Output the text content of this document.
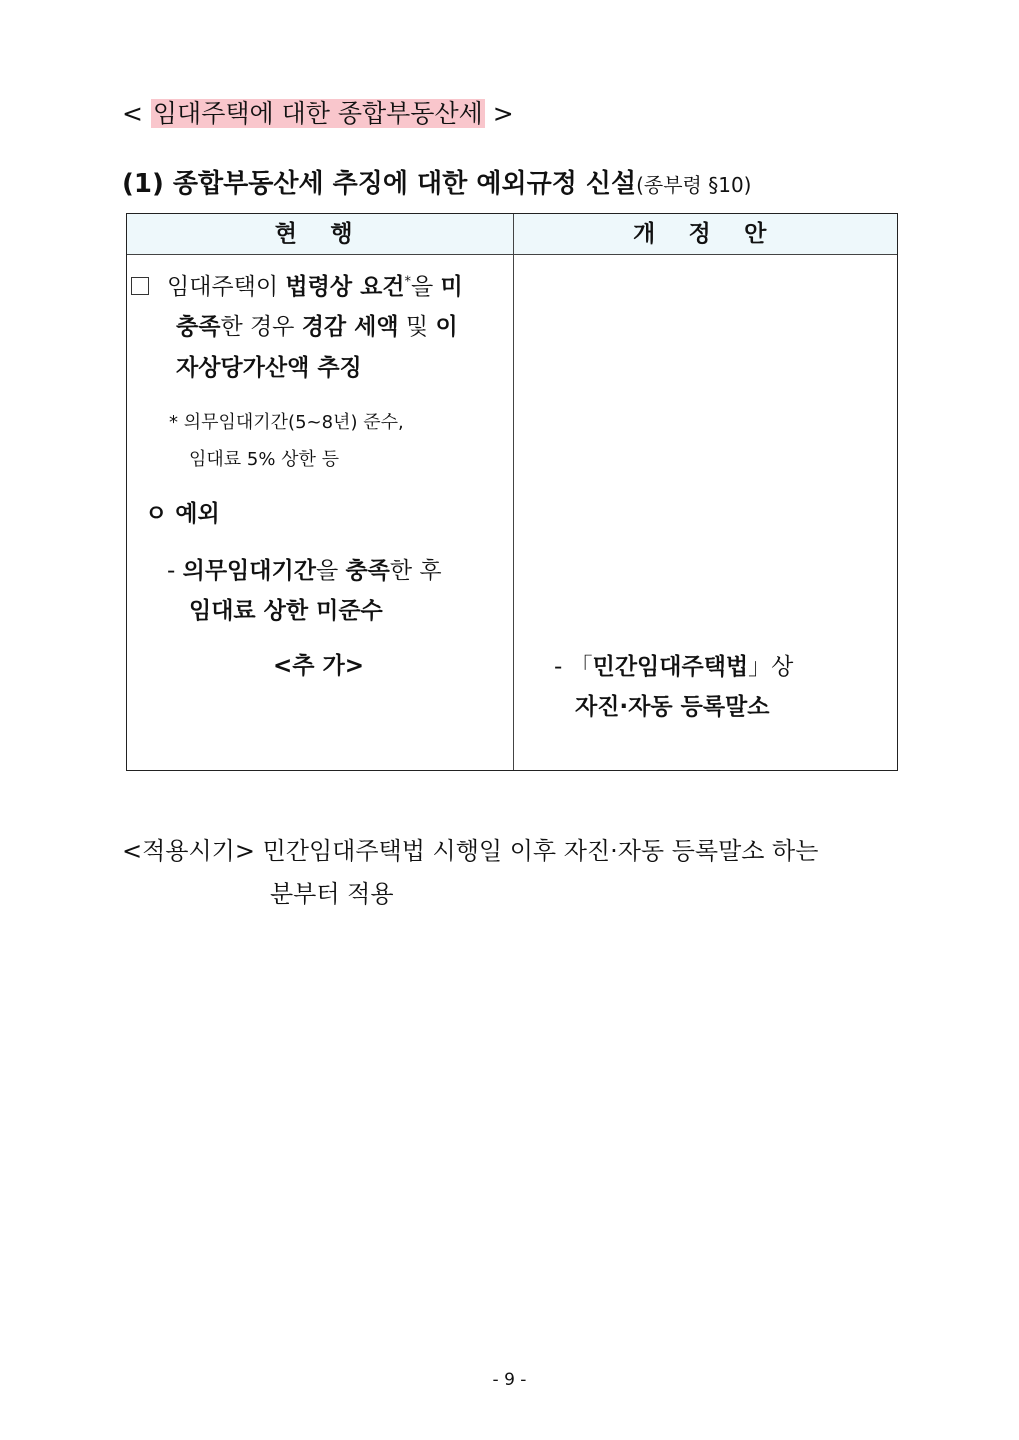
< 임대주택에 대한 종합부동산세 >
(1) 종합부동산세 추징에 대한 예외규정 신설(종부령 §10)
현 행	개 정 안
임대주택이 법령상 요건*을 미
충족한 경우 경감 세액 및 이
자상당가산액 추징
* 의무임대기간(5~8년) 준수,
임대료 5% 상한 등
ㅇ 예외
- 의무임대기간을 충족한 후
임대료 상한 미준수
<추 가>	- 「민간임대주택법」상
자진·자동 등록말소
<적용시기> 민간임대주택법 시행일 이후 자진·자동 등록말소 하는
분부터 적용
- 9 -
